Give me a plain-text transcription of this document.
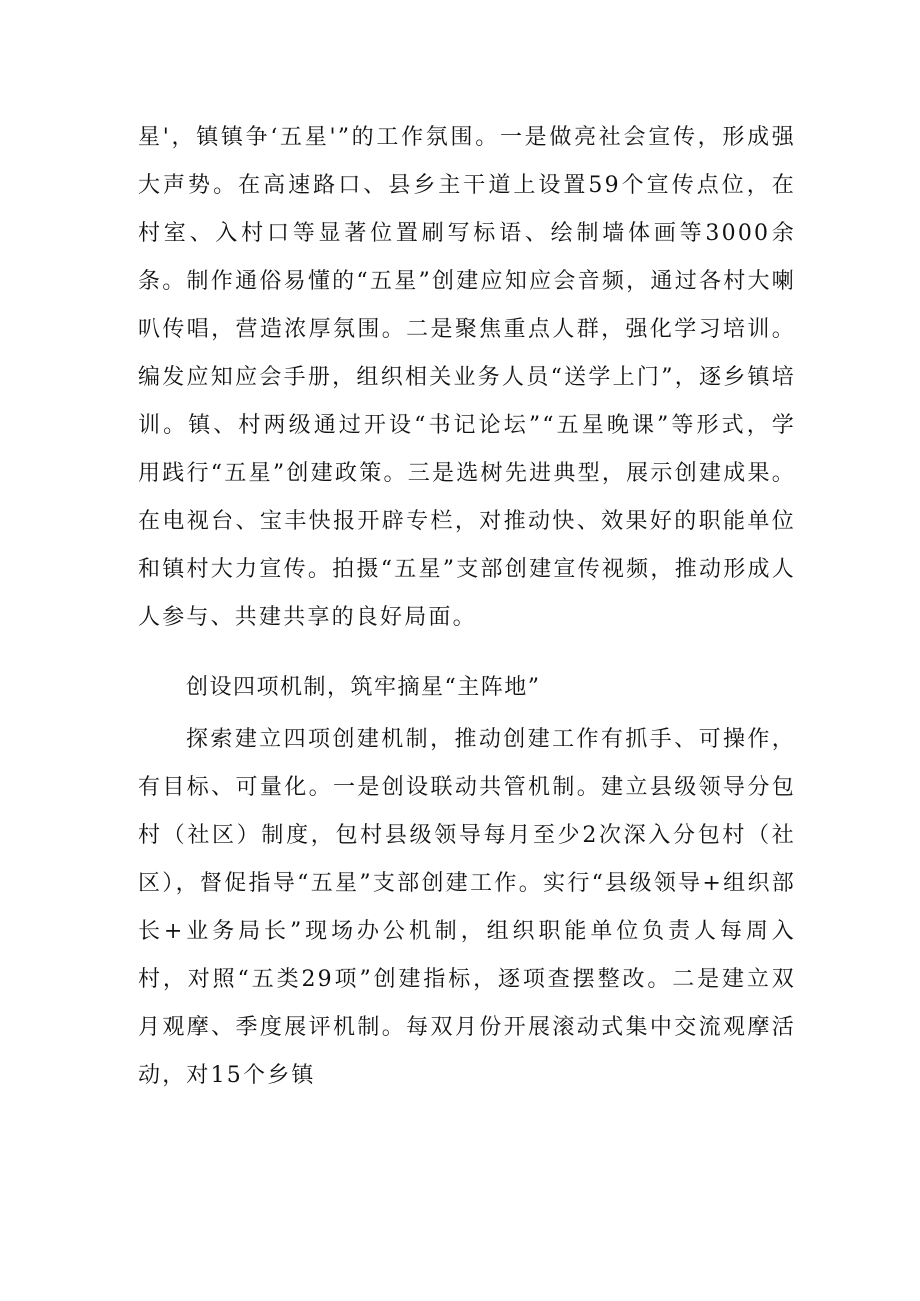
星'，镇镇争‘五星'”的工作氛围。一是做亮社会宣传，形成强大声势。在高速路口、县乡主干道上设置59个宣传点位，在村室、入村口等显著位置刷写标语、绘制墙体画等3000余条。制作通俗易懂的“五星”创建应知应会音频，通过各村大喇叭传唱，营造浓厚氛围。二是聚焦重点人群，强化学习培训。编发应知应会手册，组织相关业务人员“送学上门”，逐乡镇培训。镇、村两级通过开设“书记论坛”“五星晚课”等形式，学用践行“五星”创建政策。三是选树先进典型，展示创建成果。在电视台、宝丰快报开辟专栏，对推动快、效果好的职能单位和镇村大力宣传。拍摄“五星”支部创建宣传视频，推动形成人人参与、共建共享的良好局面。

创设四项机制，筑牢摘星“主阵地”

探索建立四项创建机制，推动创建工作有抓手、可操作，有目标、可量化。一是创设联动共管机制。建立县级领导分包村（社区）制度，包村县级领导每月至少2次深入分包村（社区），督促指导“五星”支部创建工作。实行“县级领导+组织部长+业务局长”现场办公机制，组织职能单位负责人每周入村，对照“五类29项”创建指标，逐项查摆整改。二是建立双月观摩、季度展评机制。每双月份开展滚动式集中交流观摩活动，对15个乡镇
